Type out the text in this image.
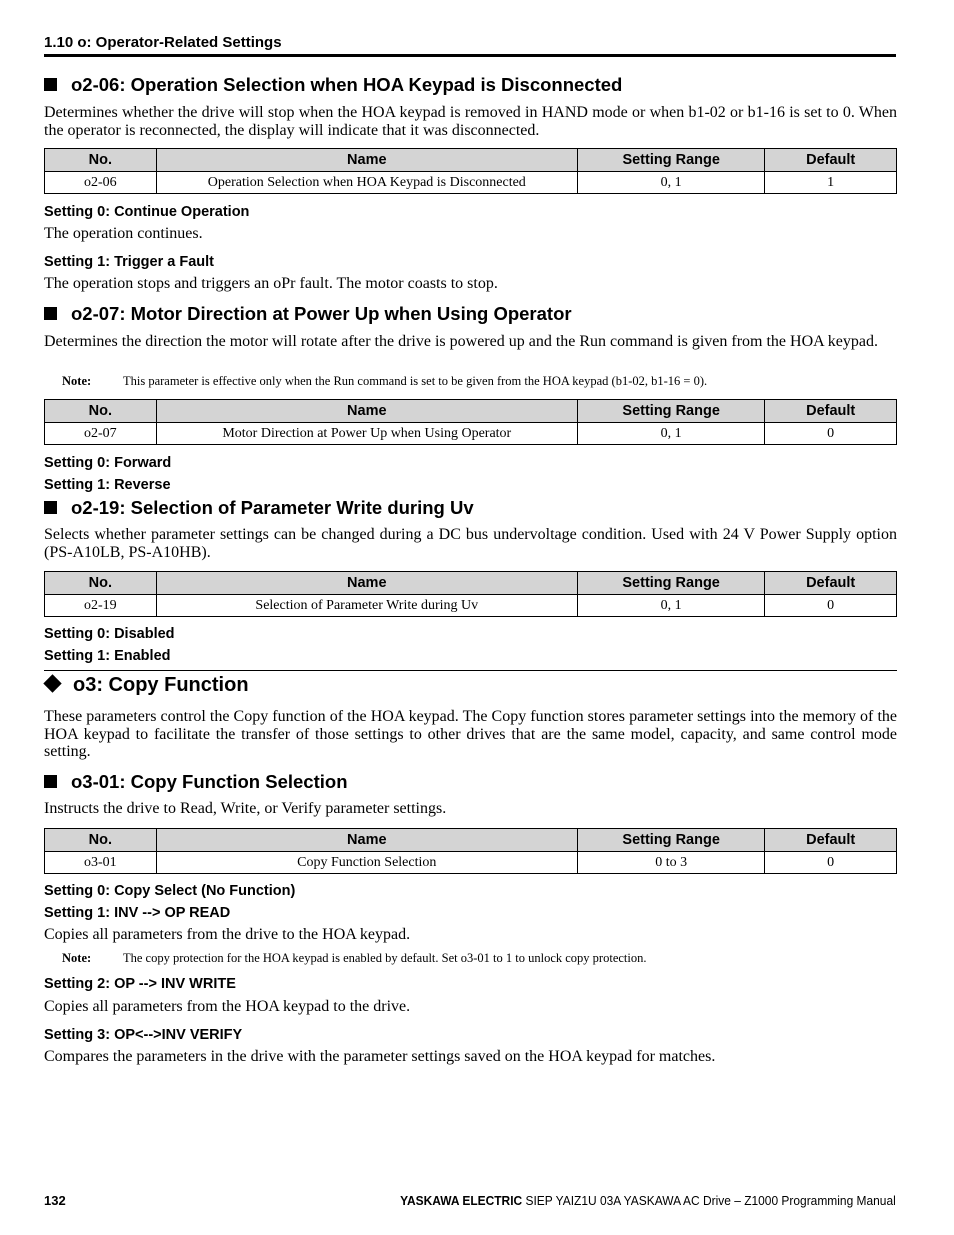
1.10 o: Operator-Related Settings
o2-06: Operation Selection when HOA Keypad is Disconnected
Determines whether the drive will stop when the HOA keypad is removed in HAND mode or when b1-02 or b1-16 is set to 0. When the operator is reconnected, the display will indicate that it was disconnected.
No.	Name	Setting Range	Default
o2-06	Operation Selection when HOA Keypad is Disconnected	0, 1	1
Setting 0: Continue Operation
The operation continues.
Setting 1: Trigger a Fault
The operation stops and triggers an oPr fault. The motor coasts to stop.
o2-07: Motor Direction at Power Up when Using Operator
Determines the direction the motor will rotate after the drive is powered up and the Run command is given from the HOA keypad.
Note:	This parameter is effective only when the Run command is set to be given from the HOA keypad (b1-02, b1-16 = 0).
No.	Name	Setting Range	Default
o2-07	Motor Direction at Power Up when Using Operator	0, 1	0
Setting 0: Forward
Setting 1: Reverse
o2-19: Selection of Parameter Write during Uv
Selects whether parameter settings can be changed during a DC bus undervoltage condition. Used with 24 V Power Supply option (PS-A10LB, PS-A10HB).
No.	Name	Setting Range	Default
o2-19	Selection of Parameter Write during Uv	0, 1	0
Setting 0: Disabled
Setting 1: Enabled
o3: Copy Function
These parameters control the Copy function of the HOA keypad. The Copy function stores parameter settings into the memory of the HOA keypad to facilitate the transfer of those settings to other drives that are the same model, capacity, and same control mode setting.
o3-01: Copy Function Selection
Instructs the drive to Read, Write, or Verify parameter settings.
No.	Name	Setting Range	Default
o3-01	Copy Function Selection	0 to 3	0
Setting 0: Copy Select (No Function)
Setting 1: INV --> OP READ
Copies all parameters from the drive to the HOA keypad.
Note:	The copy protection for the HOA keypad is enabled by default. Set o3-01 to 1 to unlock copy protection.
Setting 2: OP --> INV WRITE
Copies all parameters from the HOA keypad to the drive.
Setting 3: OP<-->INV VERIFY
Compares the parameters in the drive with the parameter settings saved on the HOA keypad for matches.
132	YASKAWA ELECTRIC SIEP YAIZ1U 03A YASKAWA AC Drive – Z1000 Programming Manual
